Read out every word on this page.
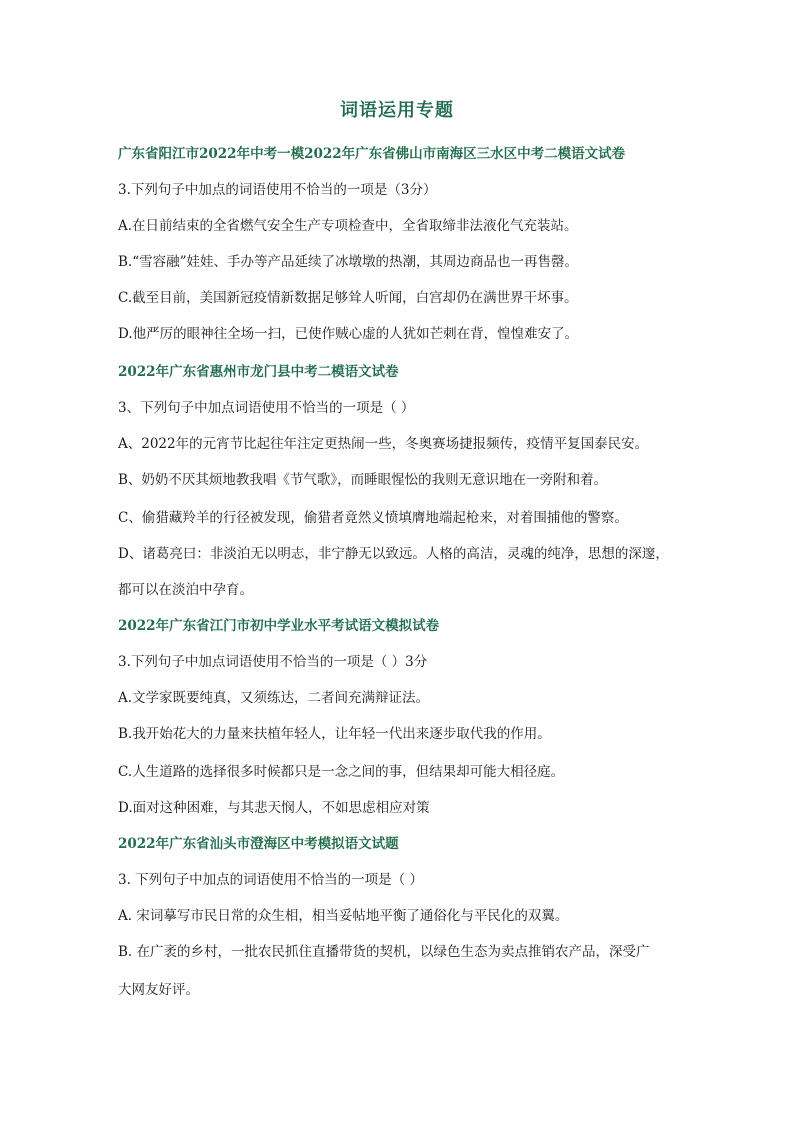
词语运用专题
广东省阳江市2022年中考一模2022年广东省佛山市南海区三水区中考二模语文试卷
3.下列句子中加点的词语使用不恰当的一项是（3分）
A.在日前结束的全省燃气安全生产专项检查中，全省取缔非法液化气充装站。
B.“雪容融”娃娃、手办等产品延续了冰墩墩的热潮，其周边商品也一再售罄。
C.截至目前，美国新冠疫情新数据足够耸人听闻，白宫却仍在满世界干坏事。
D.他严厉的眼神往全场一扫，已使作贼心虚的人犹如芒刺在背，惶惶难安了。
2022年广东省惠州市龙门县中考二模语文试卷
3、下列句子中加点词语使用不恰当的一项是（ ）
A、2022年的元宵节比起往年注定更热闹一些，冬奥赛场捷报频传，疫情平复国泰民安。
B、奶奶不厌其烦地教我唱《节气歌》，而睡眼惺忪的我则无意识地在一旁附和着。
C、偷猎藏羚羊的行径被发现，偷猎者竟然义愤填膺地端起枪来，对着围捕他的警察。
D、诸葛亮曰：非淡泊无以明志，非宁静无以致远。人格的高洁，灵魂的纯净，思想的深邃，
都可以在淡泊中孕育。
2022年广东省江门市初中学业水平考试语文模拟试卷
3.下列句子中加点词语使用不恰当的一项是（ ）3分
A.文学家既要纯真，又须练达，二者间充满辩证法。
B.我开始花大的力量来扶植年轻人，让年轻一代出来逐步取代我的作用。
C.人生道路的选择很多时候都只是一念之间的事，但结果却可能大相径庭。
D.面对这种困难，与其悲天悯人，不如思虑相应对策
2022年广东省汕头市澄海区中考模拟语文试题
3. 下列句子中加点的词语使用不恰当的一项是（ ）
A. 宋词摹写市民日常的众生相，相当妥帖地平衡了通俗化与平民化的双翼。
B. 在广袤的乡村，一批农民抓住直播带货的契机，以绿色生态为卖点推销农产品，深受广
大网友好评。
